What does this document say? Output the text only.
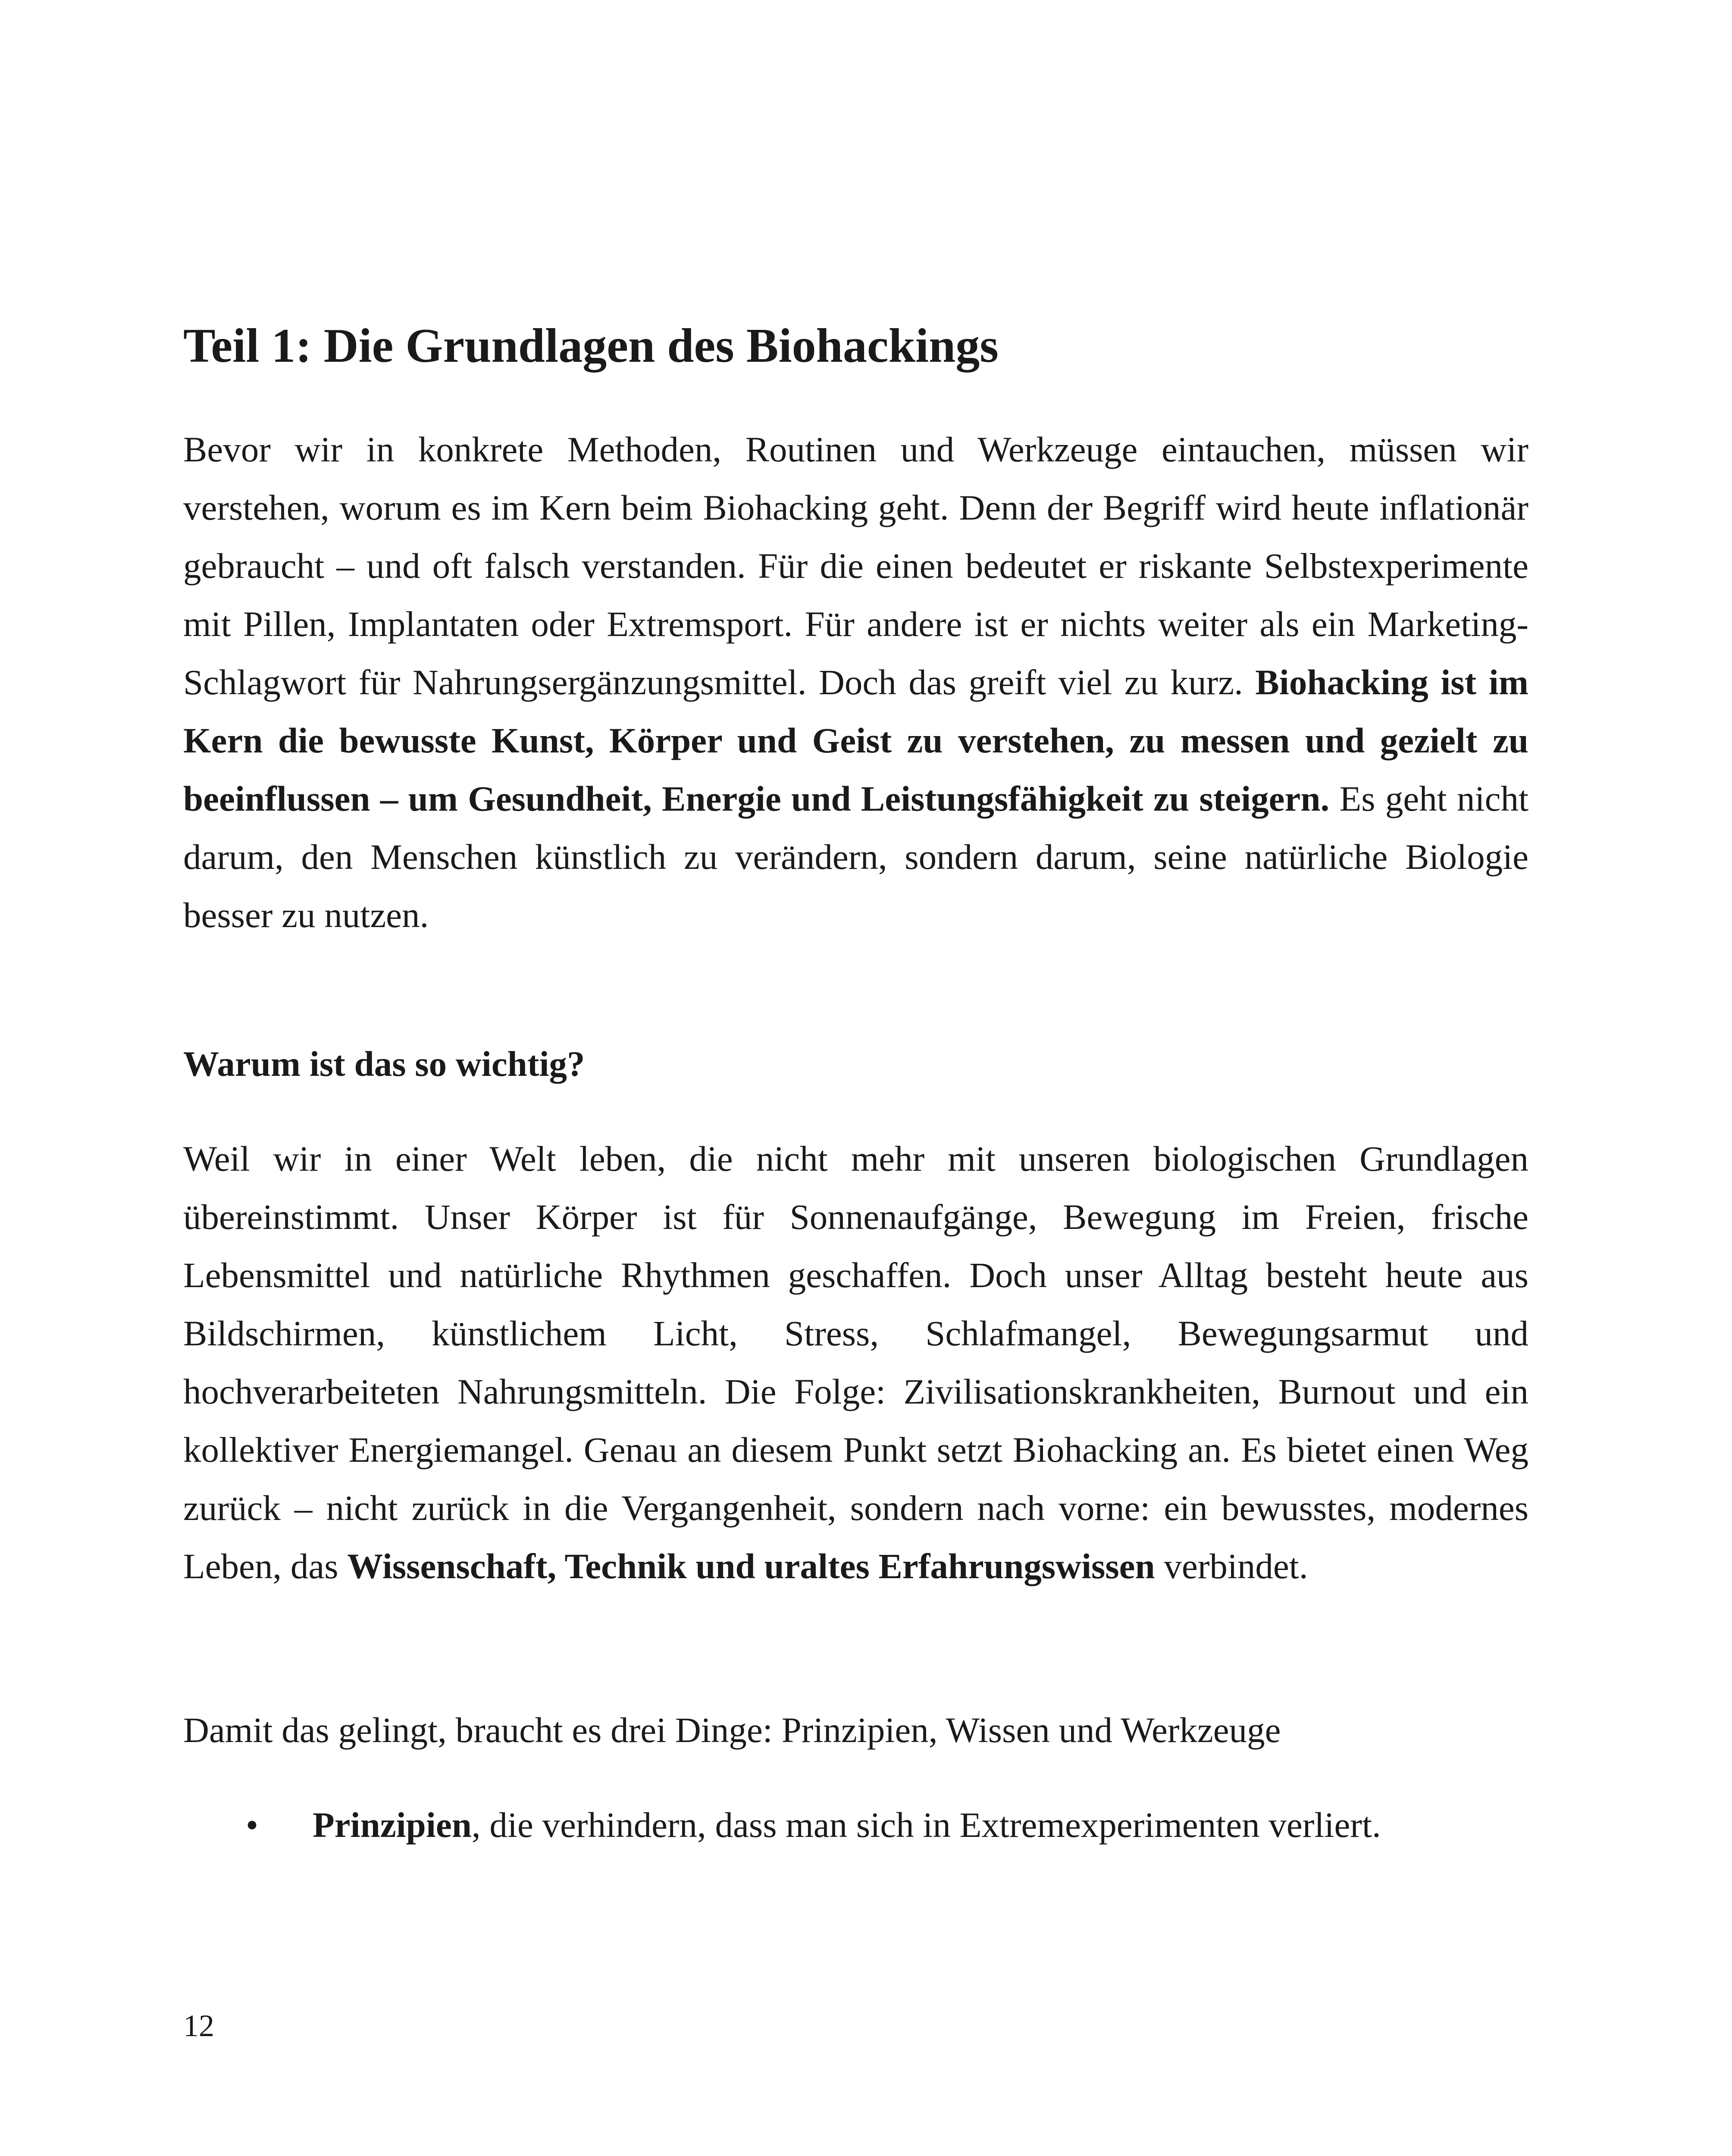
Teil 1: Die Grundlagen des Biohackings

Bevor wir in konkrete Methoden, Routinen und Werkzeuge eintauchen, müssen wir verstehen, worum es im Kern beim Biohacking geht. Denn der Begriff wird heute inflationär gebraucht – und oft falsch verstanden. Für die einen bedeutet er riskante Selbstexperimente mit Pillen, Implantaten oder Extremsport. Für andere ist er nichts weiter als ein Marketing-Schlagwort für Nahrungsergänzungsmittel. Doch das greift viel zu kurz. Biohacking ist im Kern die bewusste Kunst, Körper und Geist zu verstehen, zu messen und gezielt zu beeinflussen – um Gesundheit, Energie und Leistungsfähigkeit zu steigern. Es geht nicht darum, den Menschen künstlich zu verändern, sondern darum, seine natürliche Biologie besser zu nutzen.

Warum ist das so wichtig?

Weil wir in einer Welt leben, die nicht mehr mit unseren biologischen Grundlagen übereinstimmt. Unser Körper ist für Sonnenaufgänge, Bewegung im Freien, frische Lebensmittel und natürliche Rhythmen geschaffen. Doch unser Alltag besteht heute aus Bildschirmen, künstlichem Licht, Stress, Schlafmangel, Bewegungsarmut und hochverarbeiteten Nahrungsmitteln. Die Folge: Zivilisationskrankheiten, Burnout und ein kollektiver Energiemangel. Genau an diesem Punkt setzt Biohacking an. Es bietet einen Weg zurück – nicht zurück in die Vergangenheit, sondern nach vorne: ein bewusstes, modernes Leben, das Wissenschaft, Technik und uraltes Erfahrungswissen verbindet.

Damit das gelingt, braucht es drei Dinge: Prinzipien, Wissen und Werkzeuge

• Prinzipien, die verhindern, dass man sich in Extremexperimenten verliert.

12
